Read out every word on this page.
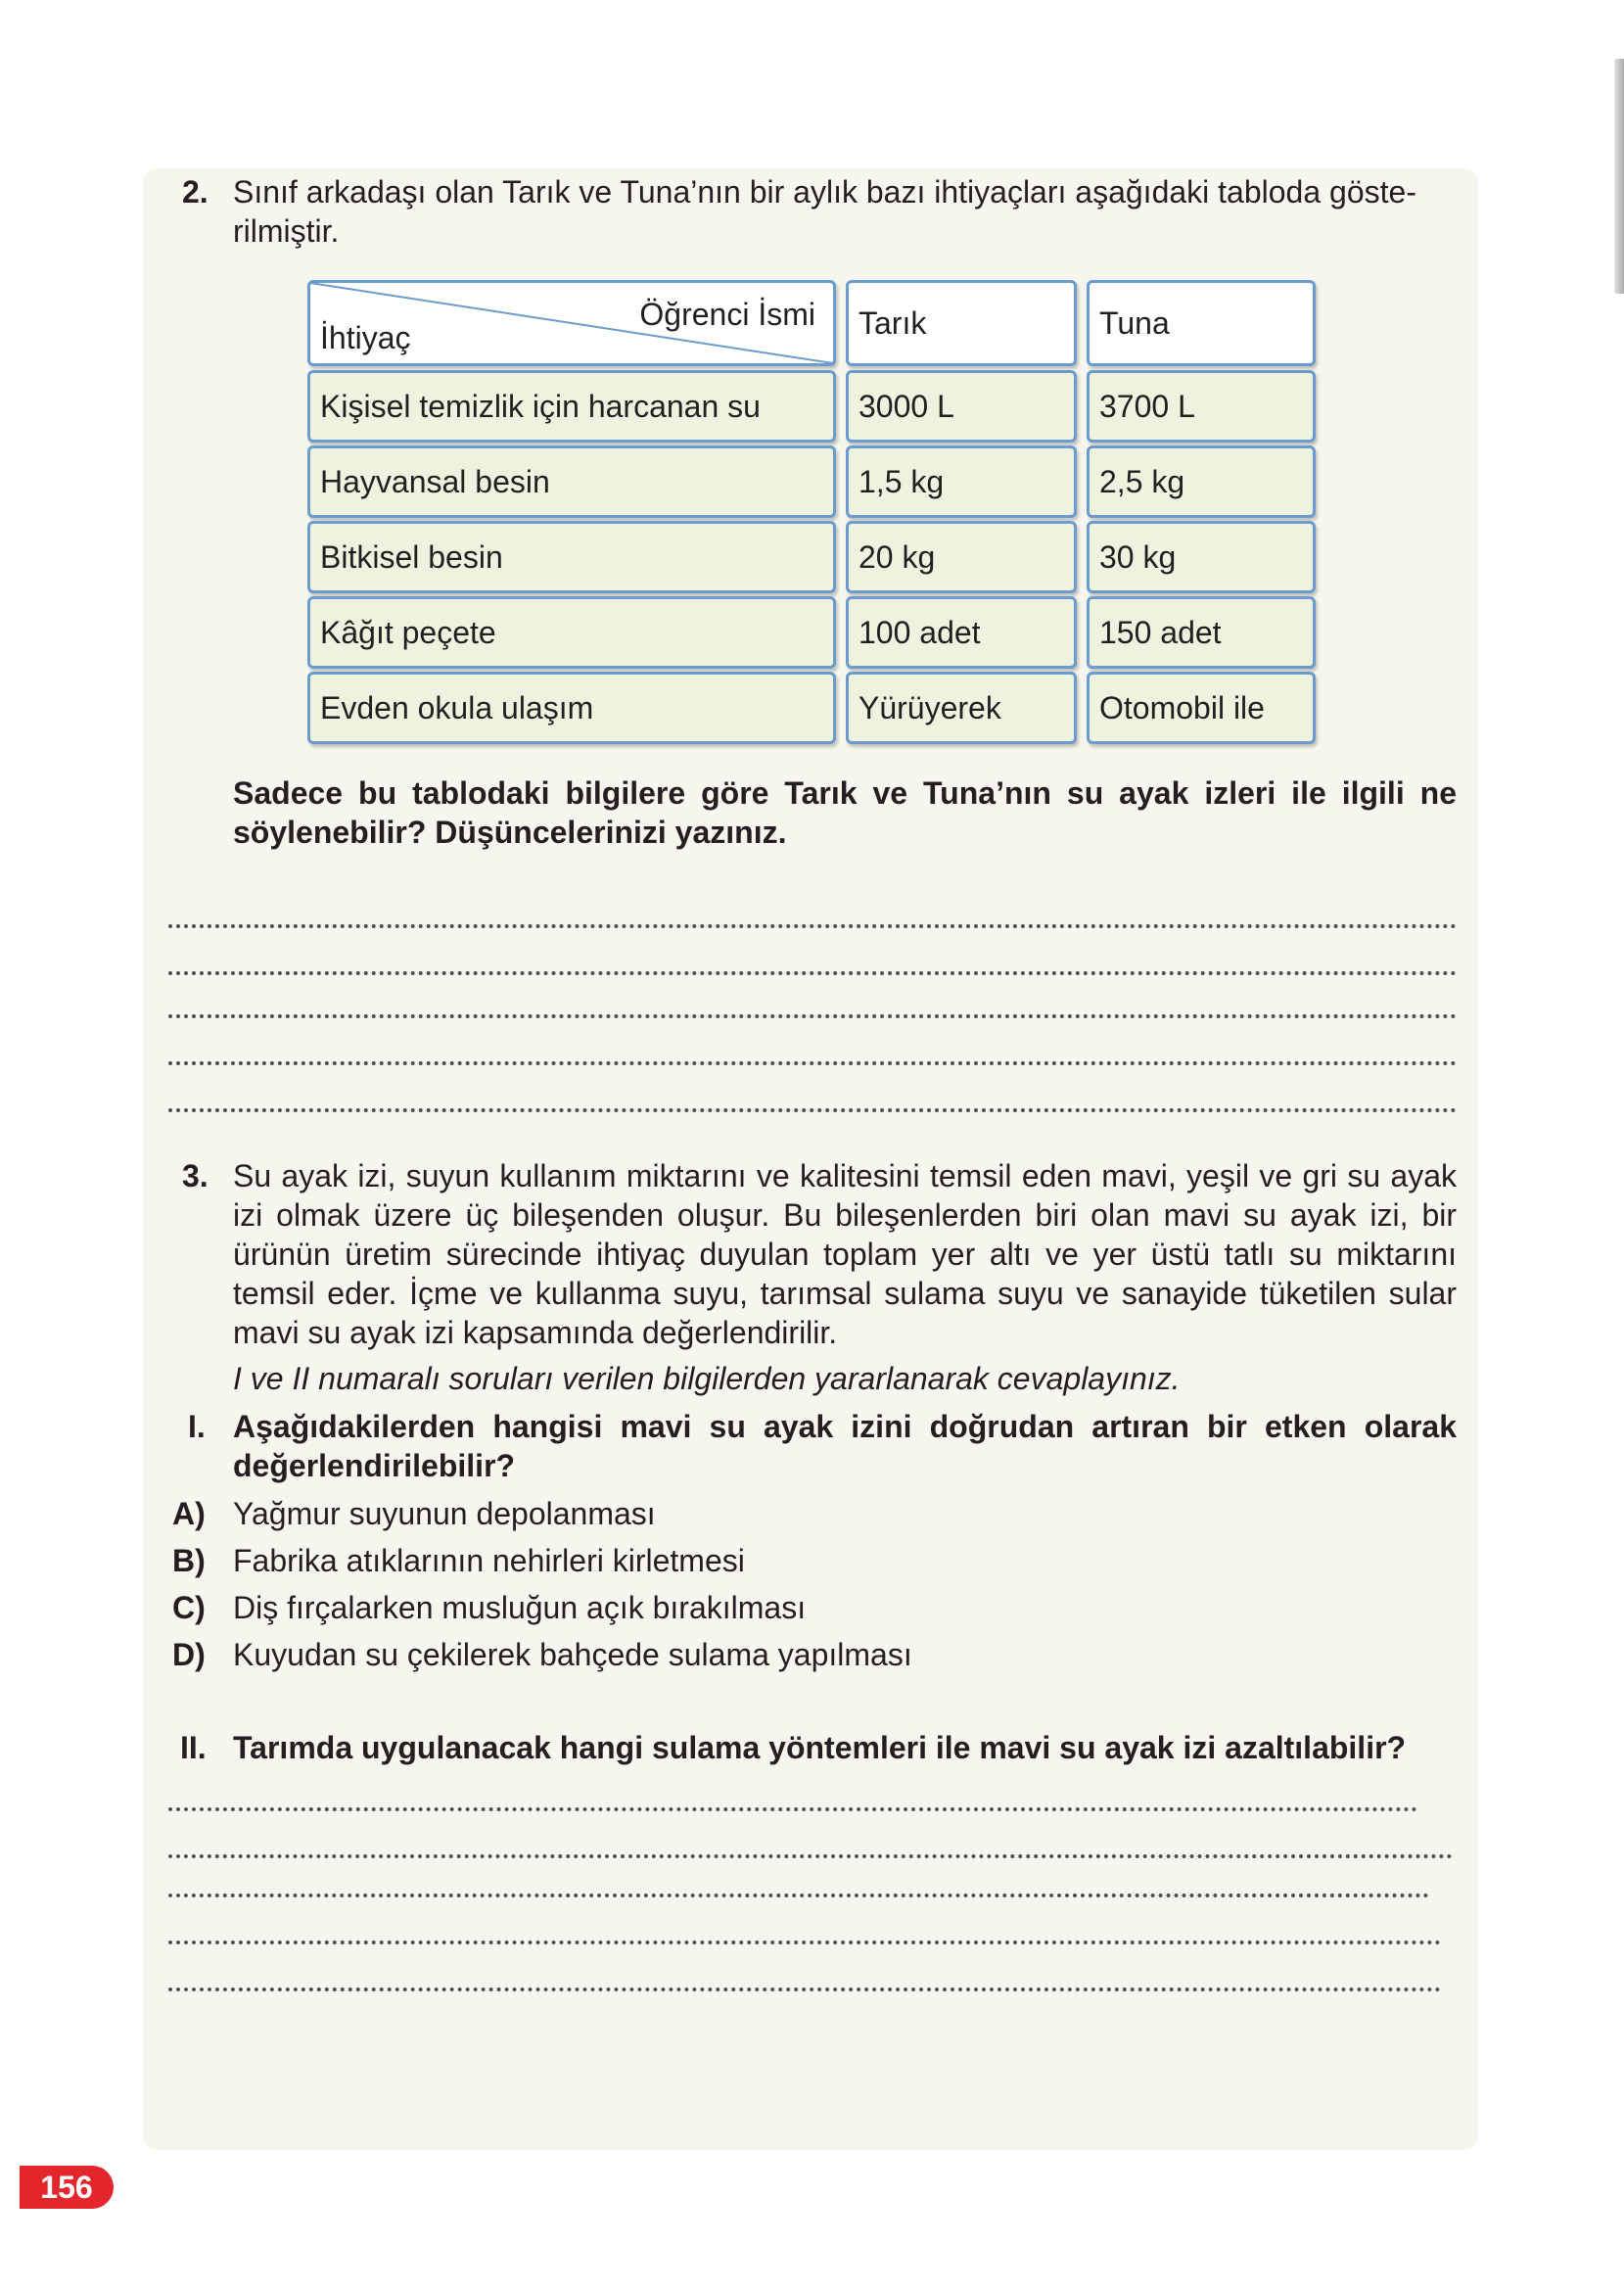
2. Sınıf arkadaşı olan Tarık ve Tuna’nın bir aylık bazı ihtiyaçları aşağıdaki tabloda göste-
rilmiştir.
İhtiyaç
Öğrenci İsmi	Tarık	Tuna
Kişisel temizlik için harcanan su	3000 L	3700 L
Hayvansal besin	1,5 kg	2,5 kg
Bitkisel besin	20 kg	30 kg
Kâğıt peçete	100 adet	150 adet
Evden okula ulaşım	Yürüyerek	Otomobil ile
Sadece bu tablodaki bilgilere göre Tarık ve Tuna’nın su ayak izleri ile ilgili ne
söylenebilir? Düşüncelerinizi yazınız.
3. Su ayak izi, suyun kullanım miktarını ve kalitesini temsil eden mavi, yeşil ve gri su ayak izi olmak üzere üç bileşenden oluşur. Bu bileşenlerden biri olan mavi su ayak izi, bir ürünün üretim sürecinde ihtiyaç duyulan toplam yer altı ve yer üstü tatlı su miktarını temsil eder. İçme ve kullanma suyu, tarımsal sulama suyu ve sanayide tüketilen sular mavi su ayak izi kapsamında değerlendirilir.
I ve II numaralı soruları verilen bilgilerden yararlanarak cevaplayınız.
I. Aşağıdakilerden hangisi mavi su ayak izini doğrudan artıran bir etken olarak değerlendirilebilir?
A) Yağmur suyunun depolanması
B) Fabrika atıklarının nehirleri kirletmesi
C) Diş fırçalarken musluğun açık bırakılması
D) Kuyudan su çekilerek bahçede sulama yapılması
II. Tarımda uygulanacak hangi sulama yöntemleri ile mavi su ayak izi azaltılabilir?
156
